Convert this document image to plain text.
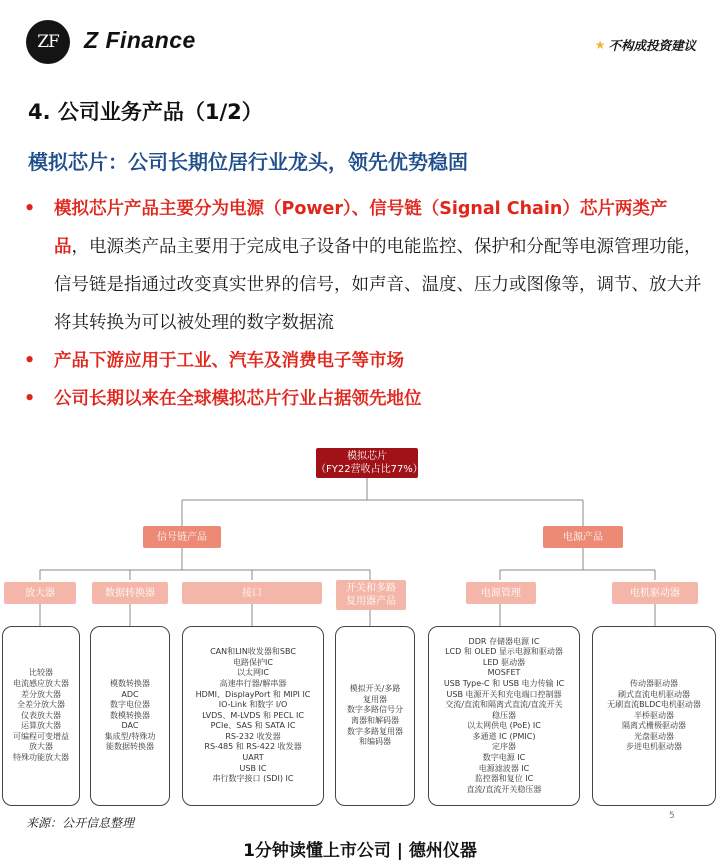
ZF	Z Finance	★ 不构成投资建议
4. 公司业务产品（1/2）
模拟芯片：公司长期位居行业龙头，领先优势稳固
• 模拟芯片产品主要分为电源（Power）、信号链（Signal Chain）芯片两类产品，电源类产品主要用于完成电子设备中的电能监控、保护和分配等电源管理功能，信号链是指通过改变真实世界的信号，如声音、温度、压力或图像等，调节、放大并将其转换为可以被处理的数字数据流
• 产品下游应用于工业、汽车及消费电子等市场
• 公司长期以来在全球模拟芯片行业占据领先地位
模拟芯片
（FY22营收占比77%）
信号链产品	电源产品
放大器	数据转换器	接口	开关和多路复用器产品
电源管理	电机驱动器
比较器
电流感应放大器
差分放大器
全差分放大器
仪表放大器
运算放大器
可编程可变增益
放大器
特殊功能放大器
模数转换器
ADC
数字电位器
数模转换器
DAC
集成型/特殊功
能数据转换器
CAN和LIN收发器和SBC
电路保护IC
以太网IC
高速串行器/解串器
HDMI、DisplayPort 和 MIPI IC
IO-Link 和数字 I/O
LVDS、M-LVDS 和 PECL IC
PCIe、SAS 和 SATA IC
RS-232 收发器
RS-485 和 RS-422 收发器
UART
USB IC
串行数字接口 (SDI) IC
模拟开关/多路
复用器
数字多路信号分
离器和解码器
数字多路复用器
和编码器
DDR 存储器电源 IC
LCD 和 OLED 显示电源和驱动器
LED 驱动器
MOSFET
USB Type-C 和 USB 电力传输 IC
USB 电源开关和充电端口控制器
交流/直流和隔离式直流/直流开关
稳压器
以太网供电 (PoE) IC
多通道 IC (PMIC)
定序器
数字电源 IC
电源滤波器 IC
监控器和复位 IC
直流/直流开关稳压器
传动器驱动器
刷式直流电机驱动器
无刷直流BLDC电机驱动器
半桥驱动器
隔离式栅极驱动器
光盘驱动器
步进电机驱动器
来源：公开信息整理	5
1分钟读懂上市公司 | 德州仪器
